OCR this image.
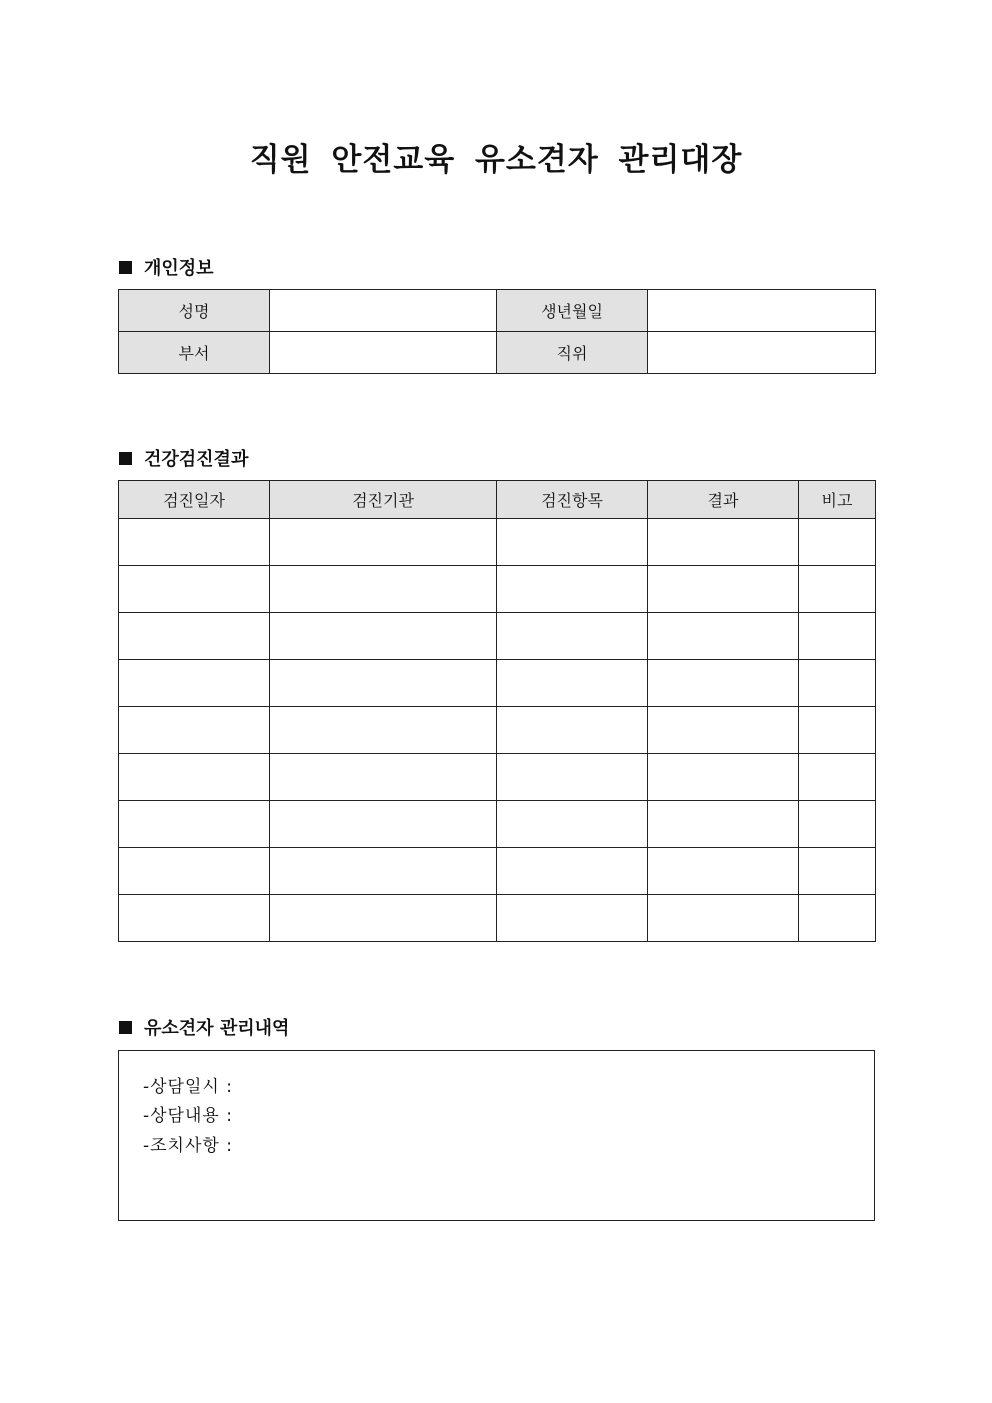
직원 안전교육 유소견자 관리대장
개인정보
성명		생년월일	
부서		직위	
건강검진결과
검진일자	검진기관	검진항목	결과	비고

유소견자 관리내역
-상담일시 :
-상담내용 :
-조치사항 :
